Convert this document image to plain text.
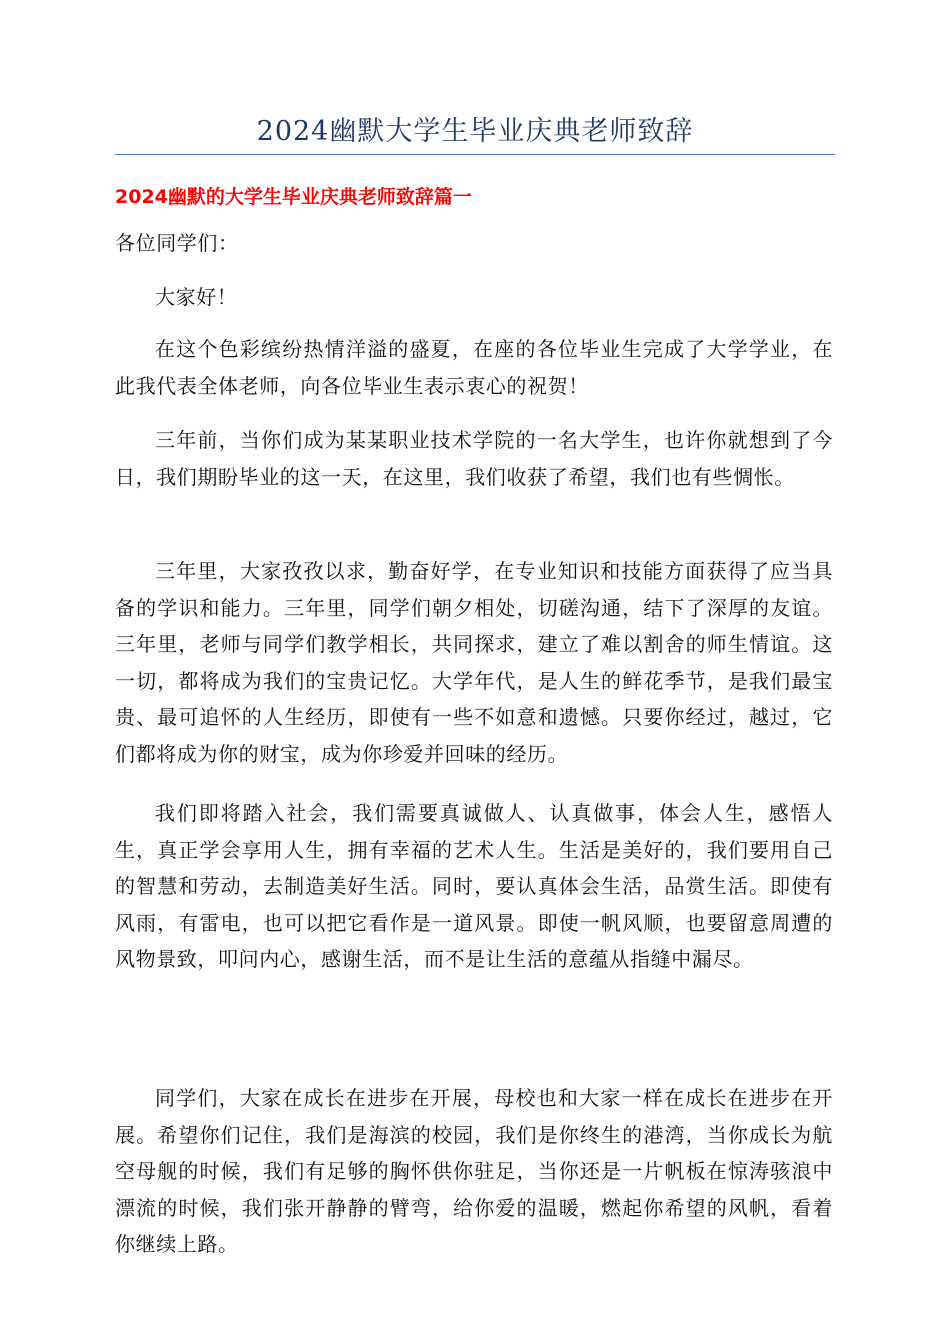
2024幽默大学生毕业庆典老师致辞
2024幽默的大学生毕业庆典老师致辞篇一
各位同学们：

大家好！

在这个色彩缤纷热情洋溢的盛夏，在座的各位毕业生完成了大学学业，在此我代表全体老师，向各位毕业生表示衷心的祝贺！

三年前，当你们成为某某职业技术学院的一名大学生，也许你就想到了今日，我们期盼毕业的这一天，在这里，我们收获了希望，我们也有些惆怅。

三年里，大家孜孜以求，勤奋好学，在专业知识和技能方面获得了应当具备的学识和能力。三年里，同学们朝夕相处，切磋沟通，结下了深厚的友谊。三年里，老师与同学们教学相长，共同探求，建立了难以割舍的师生情谊。这一切，都将成为我们的宝贵记忆。大学年代，是人生的鲜花季节，是我们最宝贵、最可追怀的人生经历，即使有一些不如意和遗憾。只要你经过，越过，它们都将成为你的财宝，成为你珍爱并回味的经历。

我们即将踏入社会，我们需要真诚做人、认真做事，体会人生，感悟人生，真正学会享用人生，拥有幸福的艺术人生。生活是美好的，我们要用自己的智慧和劳动，去制造美好生活。同时，要认真体会生活，品赏生活。即使有风雨，有雷电，也可以把它看作是一道风景。即使一帆风顺，也要留意周遭的风物景致，叩问内心，感谢生活，而不是让生活的意蕴从指缝中漏尽。

同学们，大家在成长在进步在开展，母校也和大家一样在成长在进步在开展。希望你们记住，我们是海滨的校园，我们是你终生的港湾，当你成长为航空母舰的时候，我们有足够的胸怀供你驻足，当你还是一片帆板在惊涛骇浪中漂流的时候，我们张开静静的臂弯，给你爱的温暖，燃起你希望的风帆，看着你继续上路。
